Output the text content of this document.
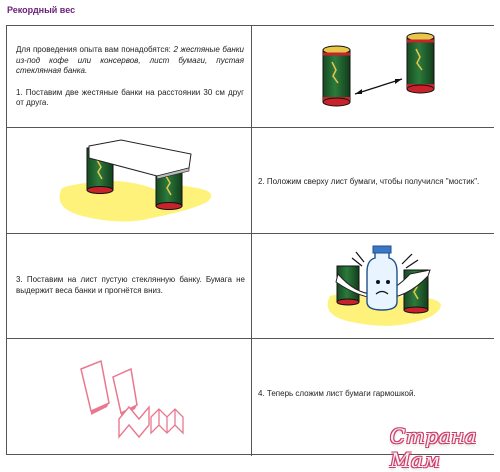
Рекордный вес
Для проведения опыта вам понадобятся: 2 жестяные банки из-под кофе или консервов, лист бумаги, пустая стеклянная банка.
1. Поставим две жестяные банки на расстоянии 30 см друг от друга.
2. Положим сверху лист бумаги, чтобы получился "мостик".
3. Поставим на лист пустую стеклянную банку. Бумага не выдержит веса банки и прогнётся вниз.
4. Теперь сложим лист бумаги гармошкой.
Страна Мам
